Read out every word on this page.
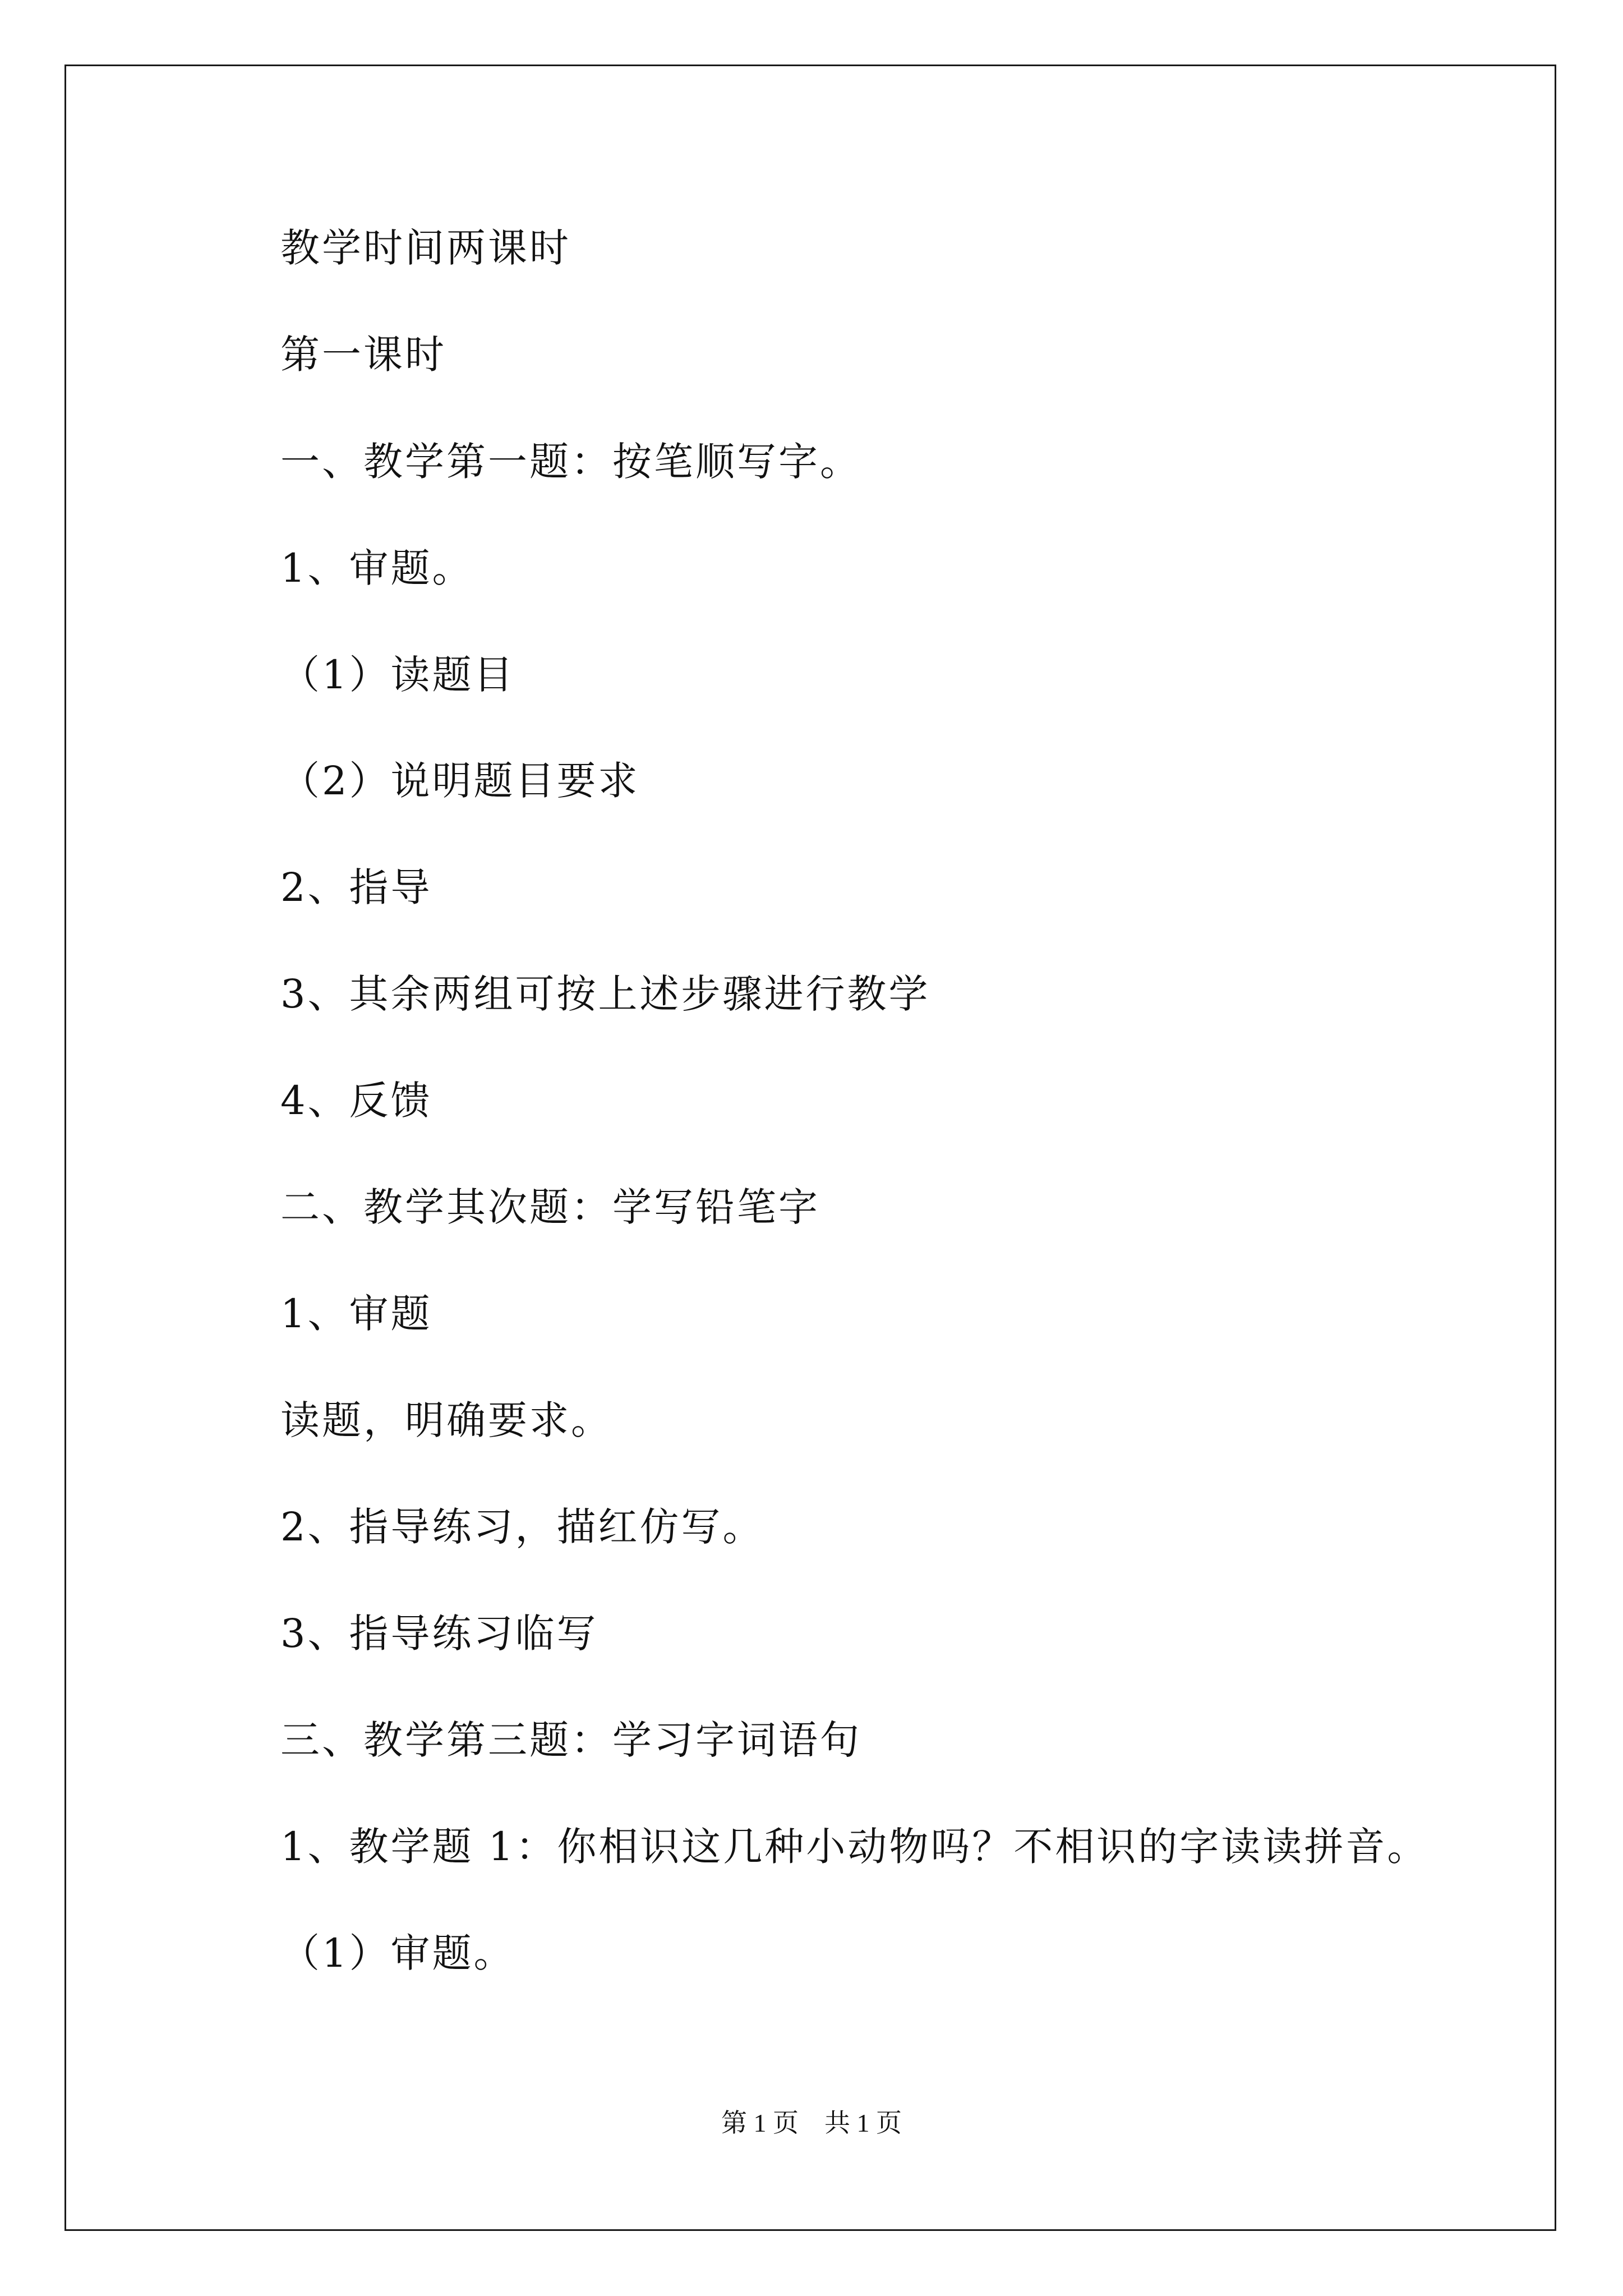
教学时间两课时
第一课时
一、教学第一题：按笔顺写字。
1、审题。
（1）读题目
（2）说明题目要求
2、指导
3、其余两组可按上述步骤进行教学
4、反馈
二、教学其次题：学写铅笔字
1、审题
读题，明确要求。
2、指导练习，描红仿写。
3、指导练习临写
三、教学第三题：学习字词语句
1、教学题 1：你相识这几种小动物吗？不相识的字读读拼音。
（1）审题。
第 1 页　共 1 页
